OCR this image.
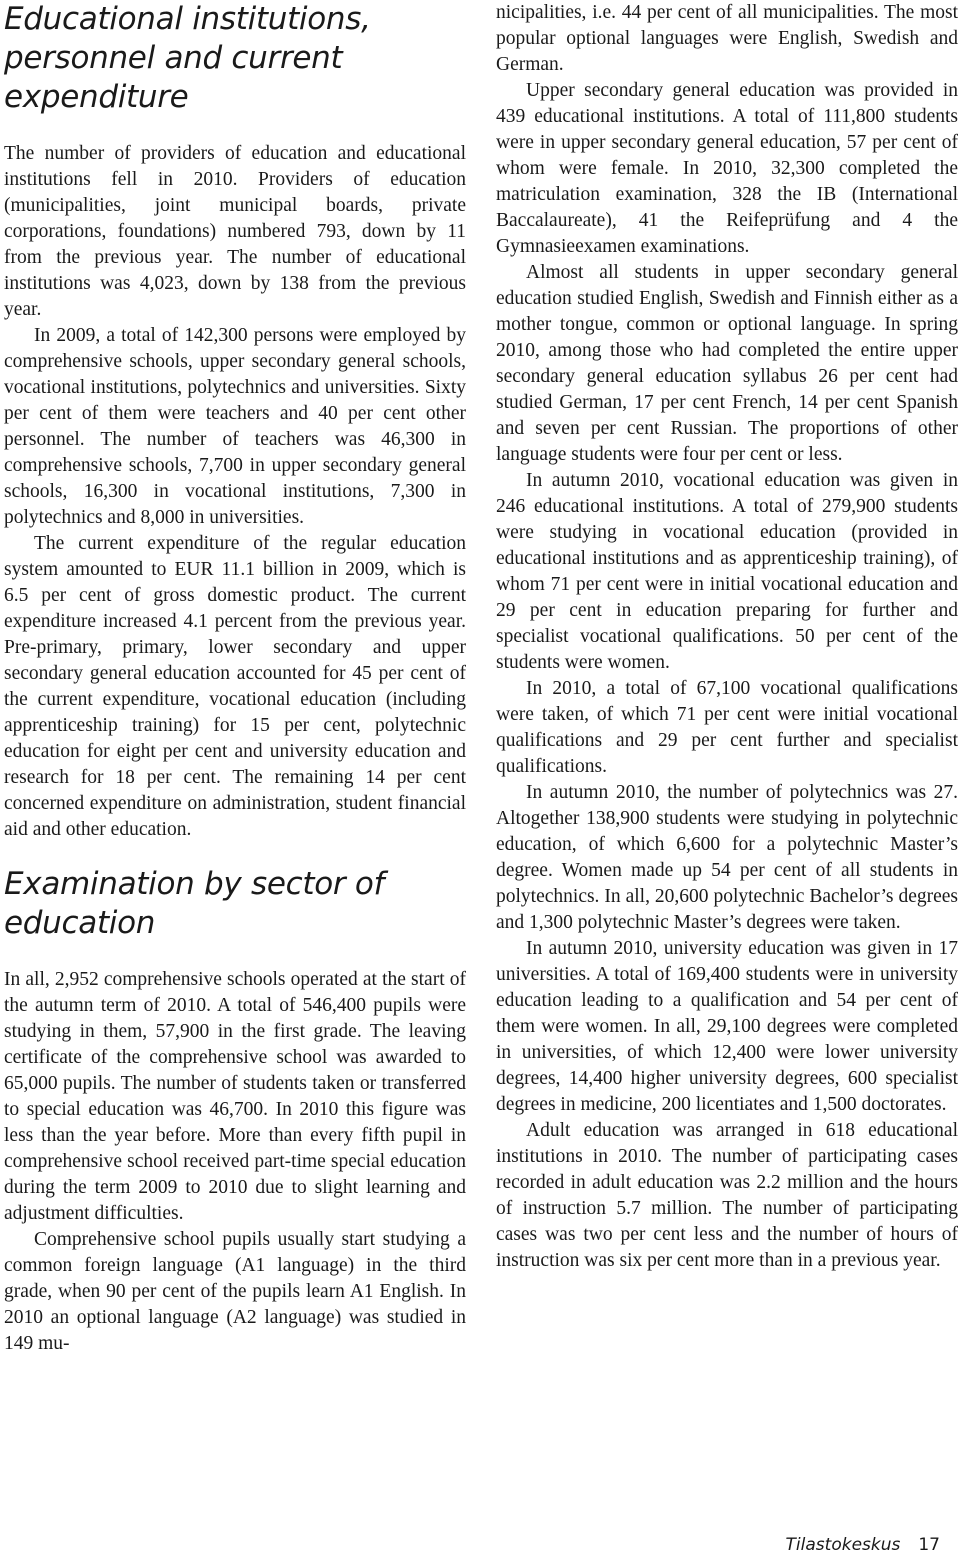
Educational institutions, personnel and current expenditure

The number of providers of education and educational institutions fell in 2010. Providers of education (municipalities, joint municipal boards, private corporations, foundations) numbered 793, down by 11 from the previous year. The number of educational institutions was 4,023, down by 138 from the previous year.

In 2009, a total of 142,300 persons were employed by comprehensive schools, upper secondary general schools, vocational institutions, polytechnics and universities. Sixty per cent of them were teachers and 40 per cent other personnel. The number of teachers was 46,300 in comprehensive schools, 7,700 in upper secondary general schools, 16,300 in vocational institutions, 7,300 in polytechnics and 8,000 in universities.

The current expenditure of the regular education system amounted to EUR 11.1 billion in 2009, which is 6.5 per cent of gross domestic product. The current expenditure increased 4.1 percent from the previous year. Pre-primary, primary, lower secondary and upper secondary general education accounted for 45 per cent of the current expenditure, vocational education (including apprenticeship training) for 15 per cent, polytechnic education for eight per cent and university education and research for 18 per cent. The remaining 14 per cent concerned expenditure on administration, student financial aid and other education.

Examination by sector of education

In all, 2,952 comprehensive schools operated at the start of the autumn term of 2010. A total of 546,400 pupils were studying in them, 57,900 in the first grade. The leaving certificate of the comprehensive school was awarded to 65,000 pupils. The number of students taken or transferred to special education was 46,700. In 2010 this figure was less than the year before. More than every fifth pupil in comprehensive school received part-time special education during the term 2009 to 2010 due to slight learning and adjustment difficulties.

Comprehensive school pupils usually start studying a common foreign language (A1 language) in the third grade, when 90 per cent of the pupils learn A1 English. In 2010 an optional language (A2 language) was studied in 149 mu-

nicipalities, i.e. 44 per cent of all municipalities. The most popular optional languages were English, Swedish and German.

Upper secondary general education was provided in 439 educational institutions. A total of 111,800 students were in upper secondary general education, 57 per cent of whom were female. In 2010, 32,300 completed the matriculation examination, 328 the IB (International Baccalaureate), 41 the Reifeprüfung and 4 the Gymnasieexamen examinations.

Almost all students in upper secondary general education studied English, Swedish and Finnish either as a mother tongue, common or optional language. In spring 2010, among those who had completed the entire upper secondary general education syllabus 26 per cent had studied German, 17 per cent French, 14 per cent Spanish and seven per cent Russian. The proportions of other language students were four per cent or less.

In autumn 2010, vocational education was given in 246 educational institutions. A total of 279,900 students were studying in vocational education (provided in educational institutions and as apprenticeship training), of whom 71 per cent were in initial vocational education and 29 per cent in education preparing for further and specialist vocational qualifications. 50 per cent of the students were women.

In 2010, a total of 67,100 vocational qualifications were taken, of which 71 per cent were initial vocational qualifications and 29 per cent further and specialist qualifications.

In autumn 2010, the number of polytechnics was 27. Altogether 138,900 students were studying in polytechnic education, of which 6,600 for a polytechnic Master’s degree. Women made up 54 per cent of all students in polytechnics. In all, 20,600 polytechnic Bachelor’s degrees and 1,300 polytechnic Master’s degrees were taken.

In autumn 2010, university education was given in 17 universities. A total of 169,400 students were in university education leading to a qualification and 54 per cent of them were women. In all, 29,100 degrees were completed in universities, of which 12,400 were lower university degrees, 14,400 higher university degrees, 600 specialist degrees in medicine, 200 licentiates and 1,500 doctorates.

Adult education was arranged in 618 educational institutions in 2010. The number of participating cases recorded in adult education was 2.2 million and the hours of instruction 5.7 million. The number of participating cases was two per cent less and the number of hours of instruction was six per cent more than in a previous year.

Tilastokeskus 17
